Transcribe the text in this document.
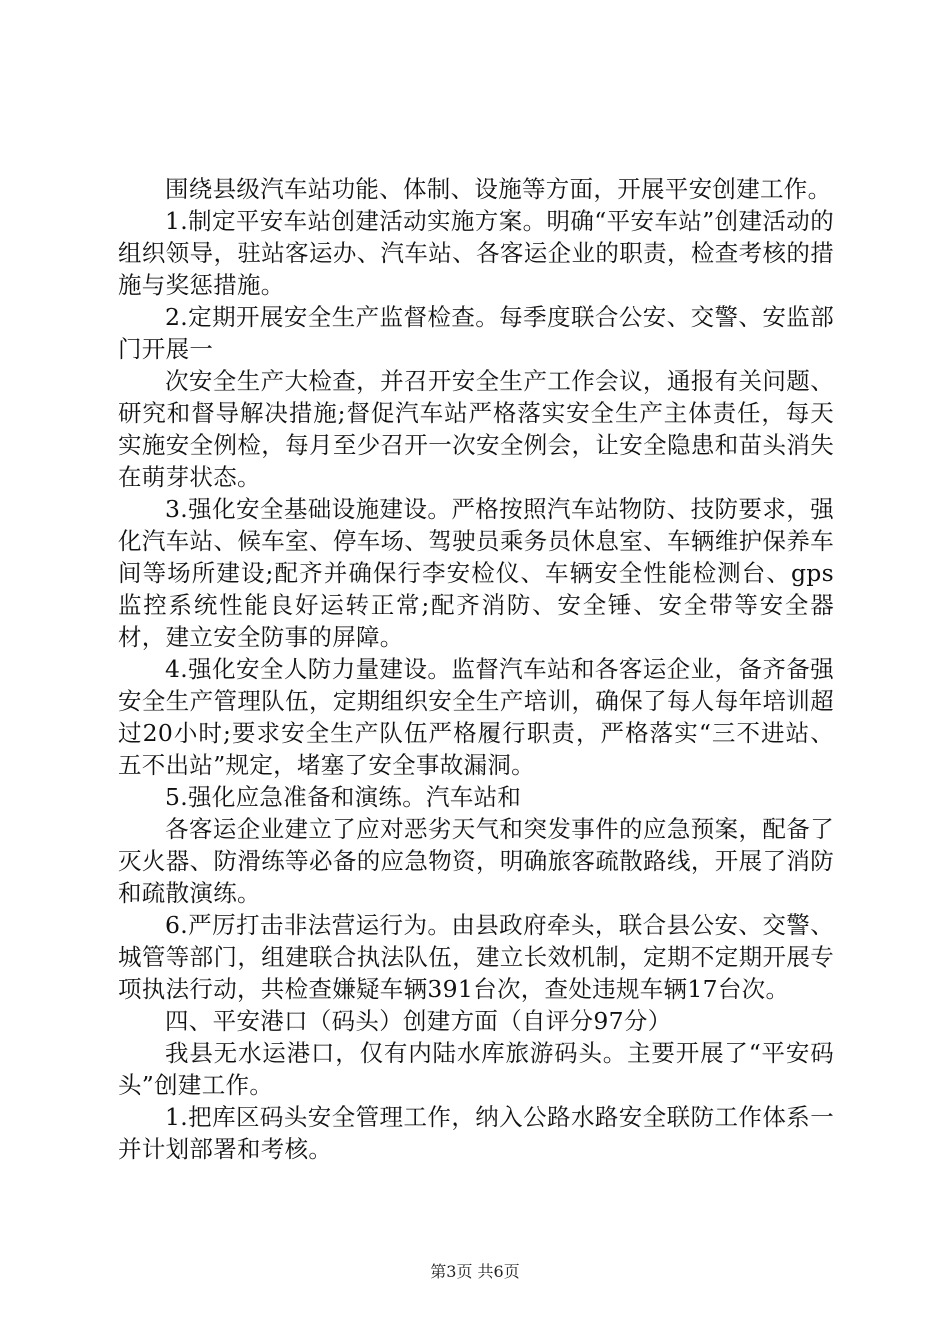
围绕县级汽车站功能、体制、设施等方面，开展平安创建工作。

1.制定平安车站创建活动实施方案。明确“平安车站”创建活动的组织领导，驻站客运办、汽车站、各客运企业的职责，检查考核的措施与奖惩措施。

2.定期开展安全生产监督检查。每季度联合公安、交警、安监部门开展一

次安全生产大检查，并召开安全生产工作会议，通报有关问题、研究和督导解决措施;督促汽车站严格落实安全生产主体责任，每天实施安全例检，每月至少召开一次安全例会，让安全隐患和苗头消失在萌芽状态。

3.强化安全基础设施建设。严格按照汽车站物防、技防要求，强化汽车站、候车室、停车场、驾驶员乘务员休息室、车辆维护保养车间等场所建设;配齐并确保行李安检仪、车辆安全性能检测台、gps监控系统性能良好运转正常;配齐消防、安全锤、安全带等安全器材，建立安全防事的屏障。

4.强化安全人防力量建设。监督汽车站和各客运企业，备齐备强安全生产管理队伍，定期组织安全生产培训，确保了每人每年培训超过20小时;要求安全生产队伍严格履行职责，严格落实“三不进站、五不出站”规定，堵塞了安全事故漏洞。

5.强化应急准备和演练。汽车站和

各客运企业建立了应对恶劣天气和突发事件的应急预案，配备了灭火器、防滑练等必备的应急物资，明确旅客疏散路线，开展了消防和疏散演练。

6.严厉打击非法营运行为。由县政府牵头，联合县公安、交警、城管等部门，组建联合执法队伍，建立长效机制，定期不定期开展专项执法行动，共检查嫌疑车辆391台次，查处违规车辆17台次。

四、平安港口（码头）创建方面（自评分97分）

我县无水运港口，仅有内陆水库旅游码头。主要开展了“平安码头”创建工作。

1.把库区码头安全管理工作，纳入公路水路安全联防工作体系一并计划部署和考核。

第3页 共6页
